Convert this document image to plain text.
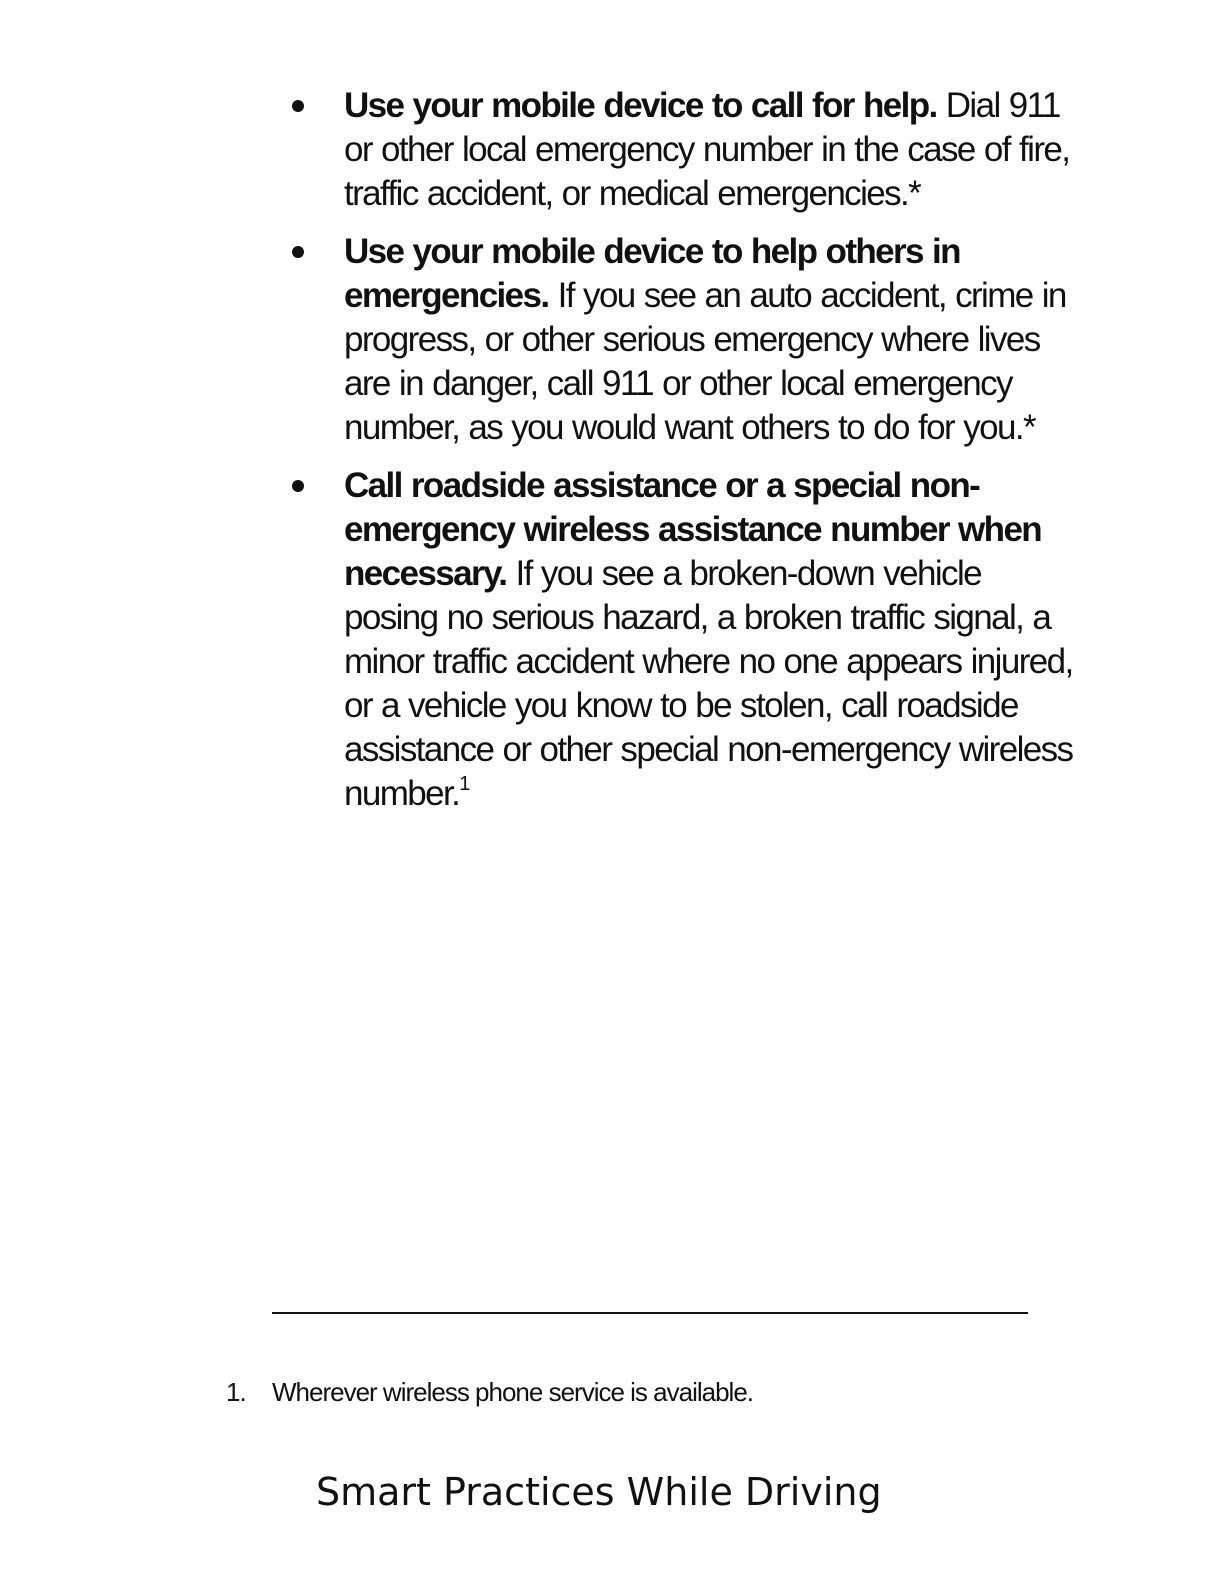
Use your mobile device to call for help. Dial 911 or other local emergency number in the case of fire, traffic accident, or medical emergencies.*
Use your mobile device to help others in emergencies. If you see an auto accident, crime in progress, or other serious emergency where lives are in danger, call 911 or other local emergency number, as you would want others to do for you.*
Call roadside assistance or a special non-emergency wireless assistance number when necessary. If you see a broken-down vehicle posing no serious hazard, a broken traffic signal, a minor traffic accident where no one appears injured, or a vehicle you know to be stolen, call roadside assistance or other special non-emergency wireless number.$^1$
1. Wherever wireless phone service is available.
Smart Practices While Driving
